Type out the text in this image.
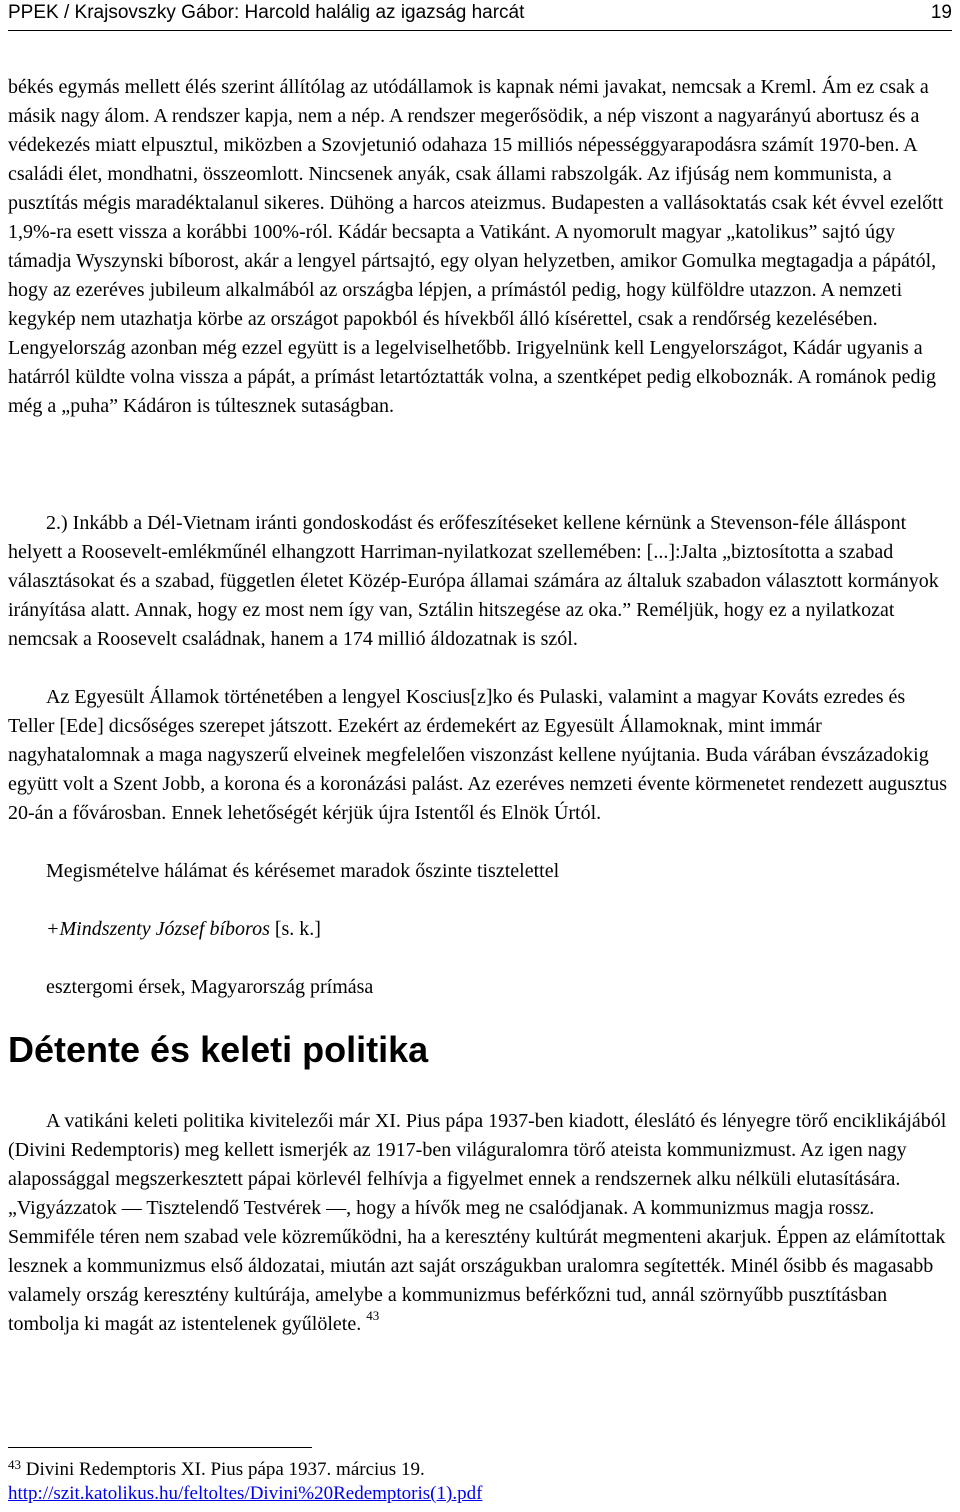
PPEK / Krajsovszky Gábor: Harcold halálig az igazság harcát	19

békés egymás mellett élés szerint állítólag az utódállamok is kapnak némi javakat, nemcsak a Kreml. Ám ez csak a másik nagy álom. A rendszer kapja, nem a nép. A rendszer megerősödik, a nép viszont a nagyarányú abortusz és a védekezés miatt elpusztul, miközben a Szovjetunió odahaza 15 milliós népességgyarapodásra számít 1970-ben. A családi élet, mondhatni, összeomlott. Nincsenek anyák, csak állami rabszolgák. Az ifjúság nem kommunista, a pusztítás mégis maradéktalanul sikeres. Dühöng a harcos ateizmus. Budapesten a vallásoktatás csak két évvel ezelőtt 1,9%-ra esett vissza a korábbi 100%-ról. Kádár becsapta a Vatikánt. A nyomorult magyar „katolikus” sajtó úgy támadja Wyszynski bíborost, akár a lengyel pártsajtó, egy olyan helyzetben, amikor Gomulka megtagadja a pápától, hogy az ezeréves jubileum alkalmából az országba lépjen, a prímástól pedig, hogy külföldre utazzon. A nemzeti kegykép nem utazhatja körbe az országot papokból és hívekből álló kísérettel, csak a rendőrség kezelésében. Lengyelország azonban még ezzel együtt is a legelviselhetőbb. Irigyelnünk kell Lengyelországot, Kádár ugyanis a határról küldte volna vissza a pápát, a prímást letartóztatták volna, a szentképet pedig elkoboznák. A románok pedig még a „puha” Kádáron is túltesznek sutaságban.

2.) Inkább a Dél-Vietnam iránti gondoskodást és erőfeszítéseket kellene kérnünk a Stevenson-féle álláspont helyett a Roosevelt-emlékműnél elhangzott Harriman-nyilatkozat szellemében: [...]:Jalta „biztosította a szabad választásokat és a szabad, független életet Közép-Európa államai számára az általuk szabadon választott kormányok irányítása alatt. Annak, hogy ez most nem így van, Sztálin hitszegése az oka.” Reméljük, hogy ez a nyilatkozat nemcsak a Roosevelt családnak, hanem a 174 millió áldozatnak is szól.

Az Egyesült Államok történetében a lengyel Koscius[z]ko és Pulaski, valamint a magyar Kováts ezredes és Teller [Ede] dicsőséges szerepet játszott. Ezekért az érdemekért az Egyesült Államoknak, mint immár nagyhatalomnak a maga nagyszerű elveinek megfelelően viszonzást kellene nyújtania. Buda várában évszázadokig együtt volt a Szent Jobb, a korona és a koronázási palást. Az ezeréves nemzeti évente körmenetet rendezett augusztus 20-án a fővárosban. Ennek lehetőségét kérjük újra Istentől és Elnök Úrtól.

Megismételve hálámat és kérésemet maradok őszinte tisztelettel

+Mindszenty József bíboros [s. k.]

esztergomi érsek, Magyarország prímása

Détente és keleti politika

A vatikáni keleti politika kivitelezői már XI. Pius pápa 1937-ben kiadott, éleslátó és lényegre törő enciklikájából (Divini Redemptoris) meg kellett ismerjék az 1917-ben világuralomra törő ateista kommunizmust. Az igen nagy alapossággal megszerkesztett pápai körlevél felhívja a figyelmet ennek a rendszernek alku nélküli elutasítására. „Vigyázzatok — Tisztelendő Testvérek —, hogy a hívők meg ne csalódjanak. A kommunizmus magja rossz. Semmiféle téren nem szabad vele közreműködni, ha a keresztény kultúrát megmenteni akarjuk. Éppen az elámítottak lesznek a kommunizmus első áldozatai, miután azt saját országukban uralomra segítették. Minél ősibb és magasabb valamely ország keresztény kultúrája, amelybe a kommunizmus beférkőzni tud, annál szörnyűbb pusztításban tombolja ki magát az istentelenek gyűlölete. $^{43}$

$^{43}$ Divini Redemptoris XI. Pius pápa 1937. március 19.
http://szit.katolikus.hu/feltoltes/Divini%20Redemptoris(1).pdf
